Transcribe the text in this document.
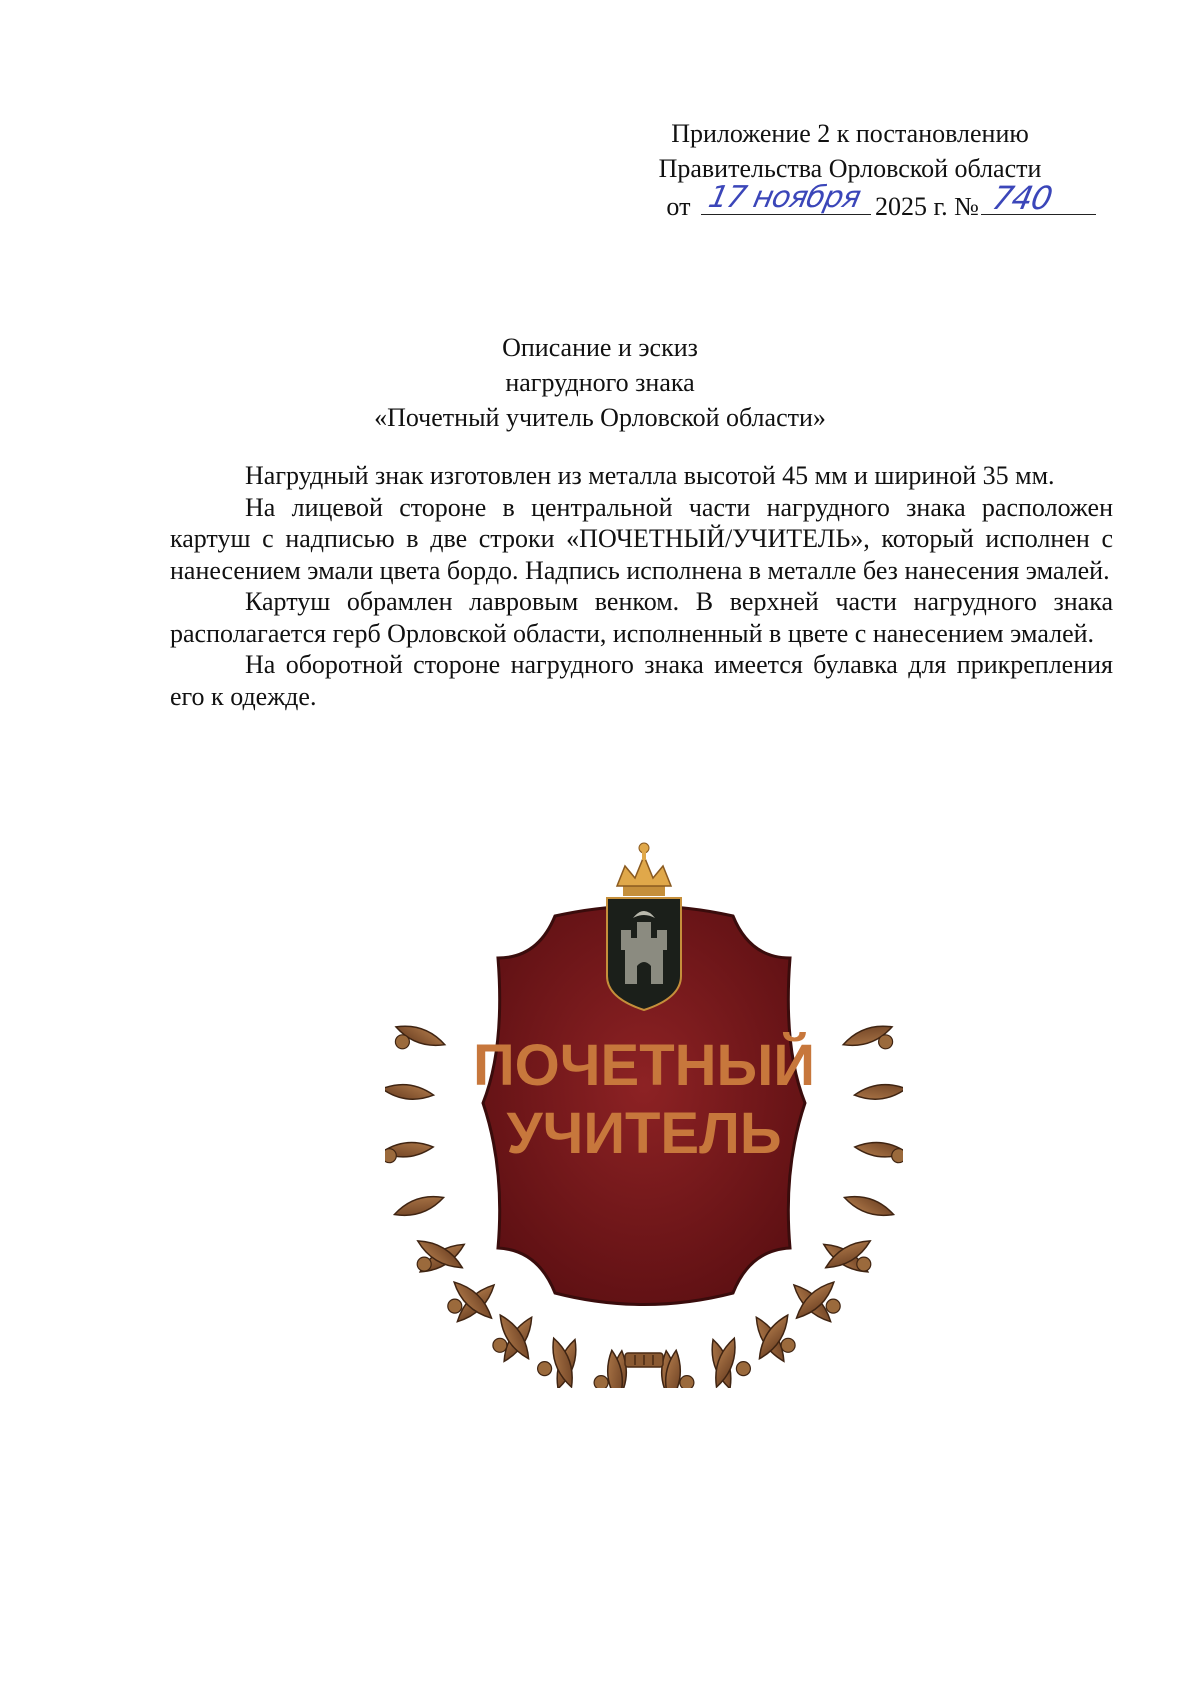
Приложение 2 к постановлению
Правительства Орловской области
от 17 ноября 2025 г. № 740
Описание и эскиз
нагрудного знака
«Почетный учитель Орловской области»

Нагрудный знак изготовлен из металла высотой 45 мм и шириной 35 мм.

На лицевой стороне в центральной части нагрудного знака расположен картуш с надписью в две строки «ПОЧЕТНЫЙ/УЧИТЕЛЬ», который исполнен с нанесением эмали цвета бордо. Надпись исполнена в металле без нанесения эмалей.

Картуш обрамлен лавровым венком. В верхней части нагрудного знака располагается герб Орловской области, исполненный в цвете с нанесением эмалей.

На оборотной стороне нагрудного знака имеется булавка для прикрепления его к одежде.

ПОЧЕТНЫЙ
УЧИТЕЛЬ
